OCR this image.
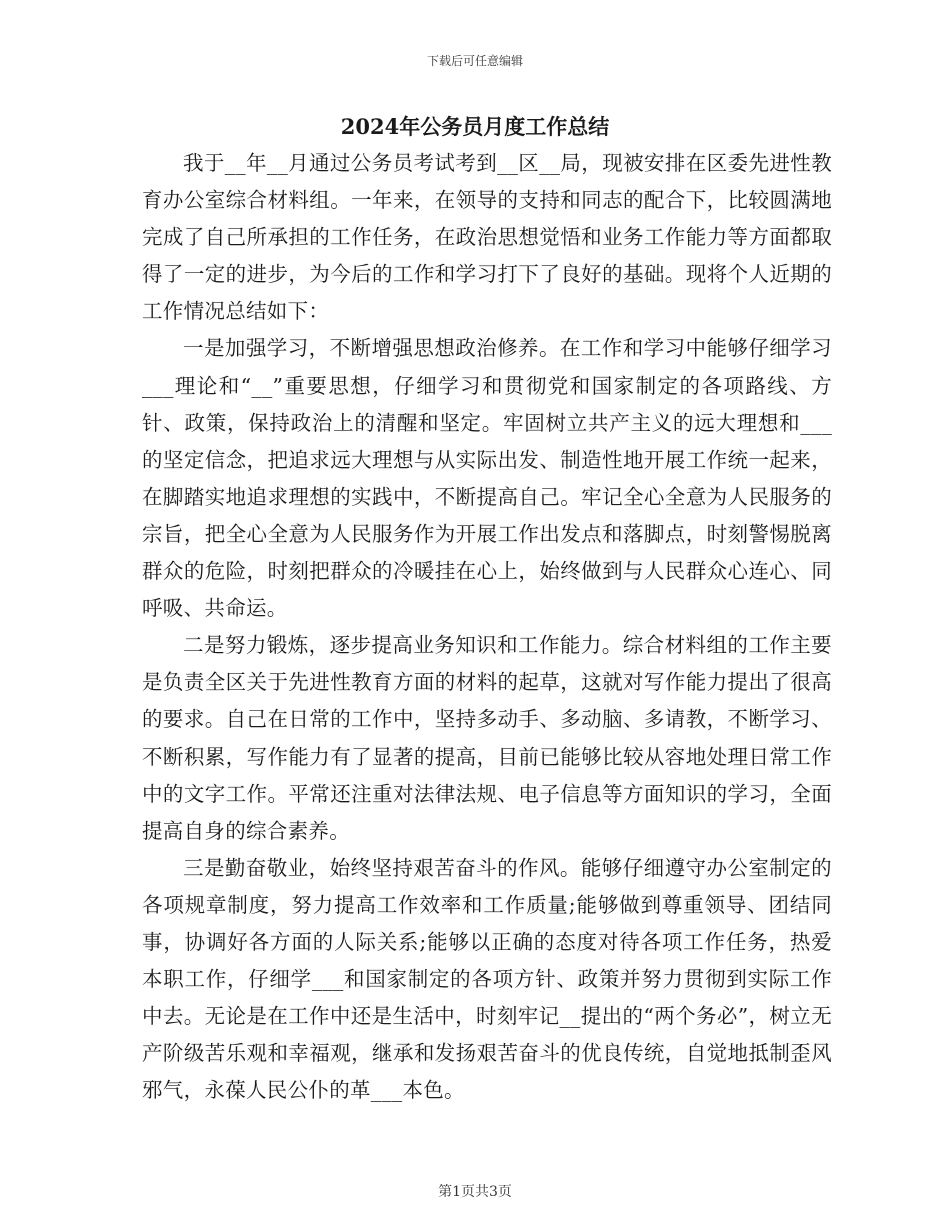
下载后可任意编辑
2024年公务员月度工作总结

我于__年__月通过公务员考试考到__区__局，现被安排在区委先进性教育办公室综合材料组。一年来，在领导的支持和同志的配合下，比较圆满地完成了自己所承担的工作任务，在政治思想觉悟和业务工作能力等方面都取得了一定的进步，为今后的工作和学习打下了良好的基础。现将个人近期的工作情况总结如下：

一是加强学习，不断增强思想政治修养。在工作和学习中能够仔细学习___理论和“__”重要思想，仔细学习和贯彻党和国家制定的各项路线、方针、政策，保持政治上的清醒和坚定。牢固树立共产主义的远大理想和___的坚定信念，把追求远大理想与从实际出发、制造性地开展工作统一起来，在脚踏实地追求理想的实践中，不断提高自己。牢记全心全意为人民服务的宗旨，把全心全意为人民服务作为开展工作出发点和落脚点，时刻警惕脱离群众的危险，时刻把群众的冷暖挂在心上，始终做到与人民群众心连心、同呼吸、共命运。

二是努力锻炼，逐步提高业务知识和工作能力。综合材料组的工作主要是负责全区关于先进性教育方面的材料的起草，这就对写作能力提出了很高的要求。自己在日常的工作中，坚持多动手、多动脑、多请教，不断学习、不断积累，写作能力有了显著的提高，目前已能够比较从容地处理日常工作中的文字工作。平常还注重对法律法规、电子信息等方面知识的学习，全面提高自身的综合素养。

三是勤奋敬业，始终坚持艰苦奋斗的作风。能够仔细遵守办公室制定的各项规章制度，努力提高工作效率和工作质量;能够做到尊重领导、团结同事，协调好各方面的人际关系;能够以正确的态度对待各项工作任务，热爱本职工作，仔细学___和国家制定的各项方针、政策并努力贯彻到实际工作中去。无论是在工作中还是生活中，时刻牢记__提出的“两个务必”，树立无产阶级苦乐观和幸福观，继承和发扬艰苦奋斗的优良传统，自觉地抵制歪风邪气，永葆人民公仆的革___本色。

第1页共3页
